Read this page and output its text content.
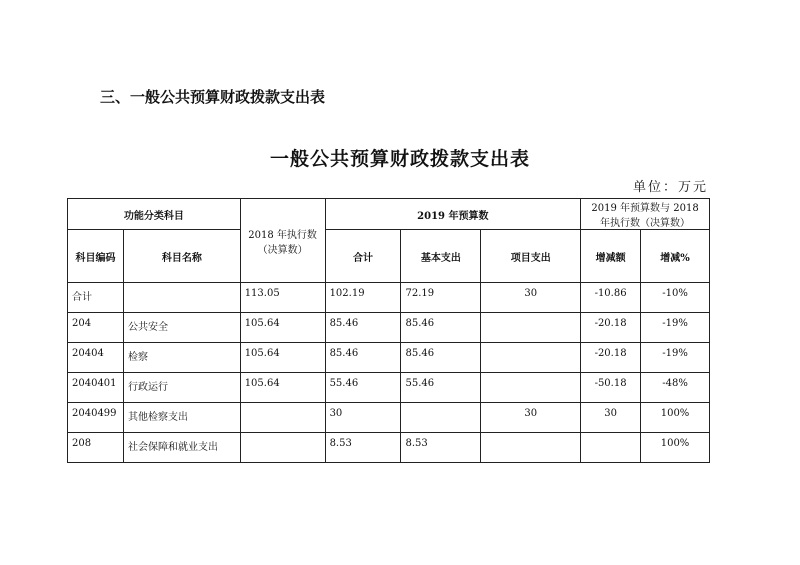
三、一般公共预算财政拨款支出表
一般公共预算财政拨款支出表
单位：万元
功能分类科目		2018 年执行数（决算数）	2019 年预算数			2019 年预算数与 2018 年执行数（决算数）	
科目编码	科目名称		合计	基本支出	项目支出	增减额	增减%
合计		113.05	102.19	72.19	30	-10.86	-10%
204	公共安全	105.64	85.46	85.46		-20.18	-19%
20404	检察	105.64	85.46	85.46		-20.18	-19%
2040401	行政运行	105.64	55.46	55.46		-50.18	-48%
2040499	其他检察支出		30		30	30	100%
208	社会保障和就业支出		8.53	8.53			100%
